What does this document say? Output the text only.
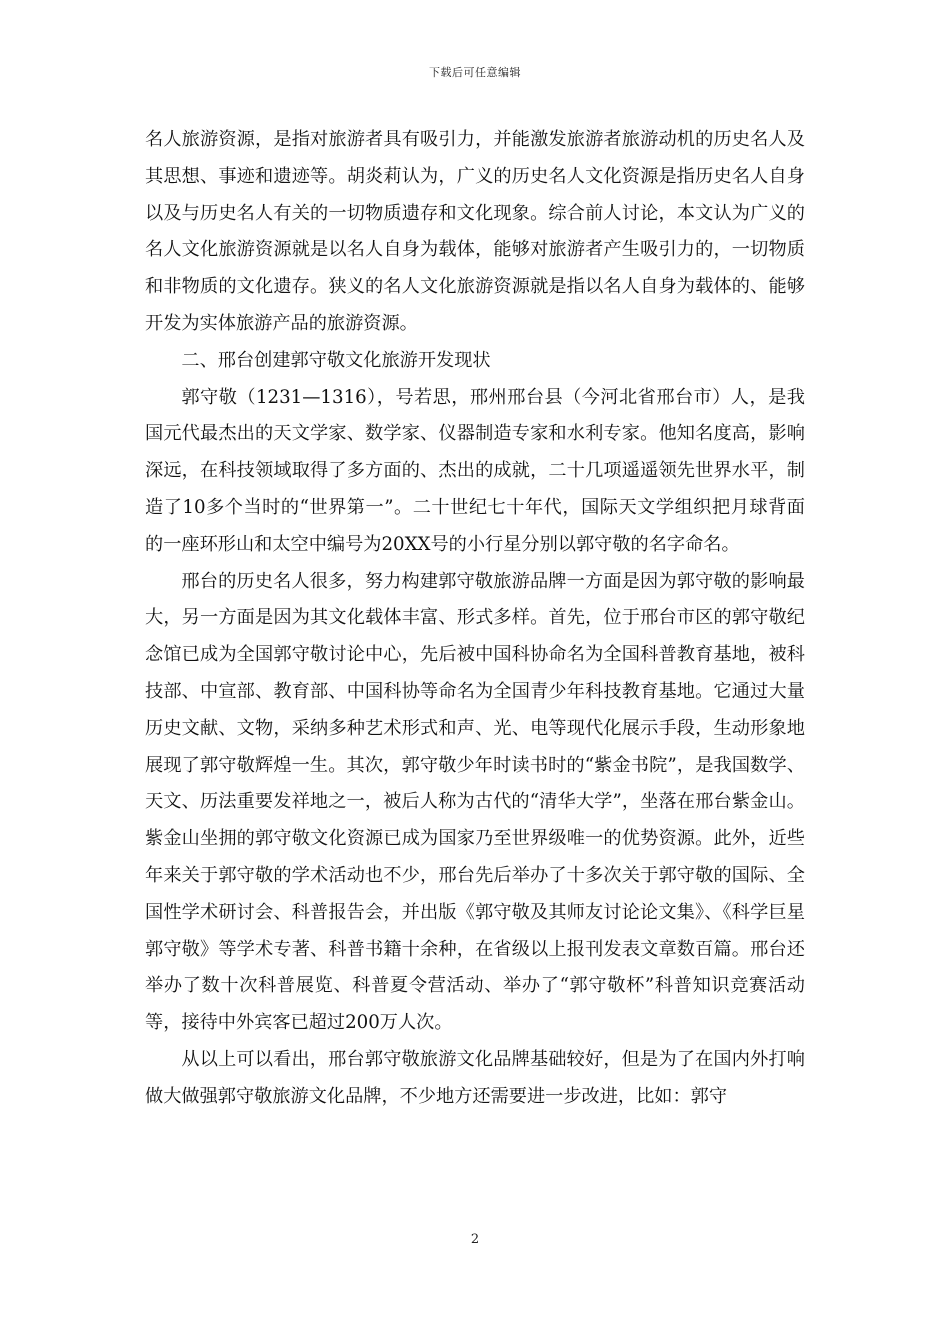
下载后可任意编辑

名人旅游资源，是指对旅游者具有吸引力，并能激发旅游者旅游动机的历史名人及其思想、事迹和遗迹等。胡炎莉认为，广义的历史名人文化资源是指历史名人自身以及与历史名人有关的一切物质遗存和文化现象。综合前人讨论，本文认为广义的名人文化旅游资源就是以名人自身为载体，能够对旅游者产生吸引力的，一切物质和非物质的文化遗存。狭义的名人文化旅游资源就是指以名人自身为载体的、能够开发为实体旅游产品的旅游资源。

二、邢台创建郭守敬文化旅游开发现状

郭守敬（1231—1316），号若思，邢州邢台县（今河北省邢台市）人，是我国元代最杰出的天文学家、数学家、仪器制造专家和水利专家。他知名度高，影响深远，在科技领域取得了多方面的、杰出的成就，二十几项遥遥领先世界水平，制造了10多个当时的“世界第一”。二十世纪七十年代，国际天文学组织把月球背面的一座环形山和太空中编号为20XX号的小行星分别以郭守敬的名字命名。

邢台的历史名人很多，努力构建郭守敬旅游品牌一方面是因为郭守敬的影响最大，另一方面是因为其文化载体丰富、形式多样。首先，位于邢台市区的郭守敬纪念馆已成为全国郭守敬讨论中心，先后被中国科协命名为全国科普教育基地，被科技部、中宣部、教育部、中国科协等命名为全国青少年科技教育基地。它通过大量历史文献、文物，采纳多种艺术形式和声、光、电等现代化展示手段，生动形象地展现了郭守敬辉煌一生。其次，郭守敬少年时读书时的“紫金书院”，是我国数学、天文、历法重要发祥地之一，被后人称为古代的“清华大学”，坐落在邢台紫金山。紫金山坐拥的郭守敬文化资源已成为国家乃至世界级唯一的优势资源。此外，近些年来关于郭守敬的学术活动也不少，邢台先后举办了十多次关于郭守敬的国际、全国性学术研讨会、科普报告会，并出版《郭守敬及其师友讨论论文集》、《科学巨星郭守敬》等学术专著、科普书籍十余种，在省级以上报刊发表文章数百篇。邢台还举办了数十次科普展览、科普夏令营活动、举办了“郭守敬杯”科普知识竞赛活动等，接待中外宾客已超过200万人次。

从以上可以看出，邢台郭守敬旅游文化品牌基础较好，但是为了在国内外打响做大做强郭守敬旅游文化品牌，不少地方还需要进一步改进，比如：郭守

2
